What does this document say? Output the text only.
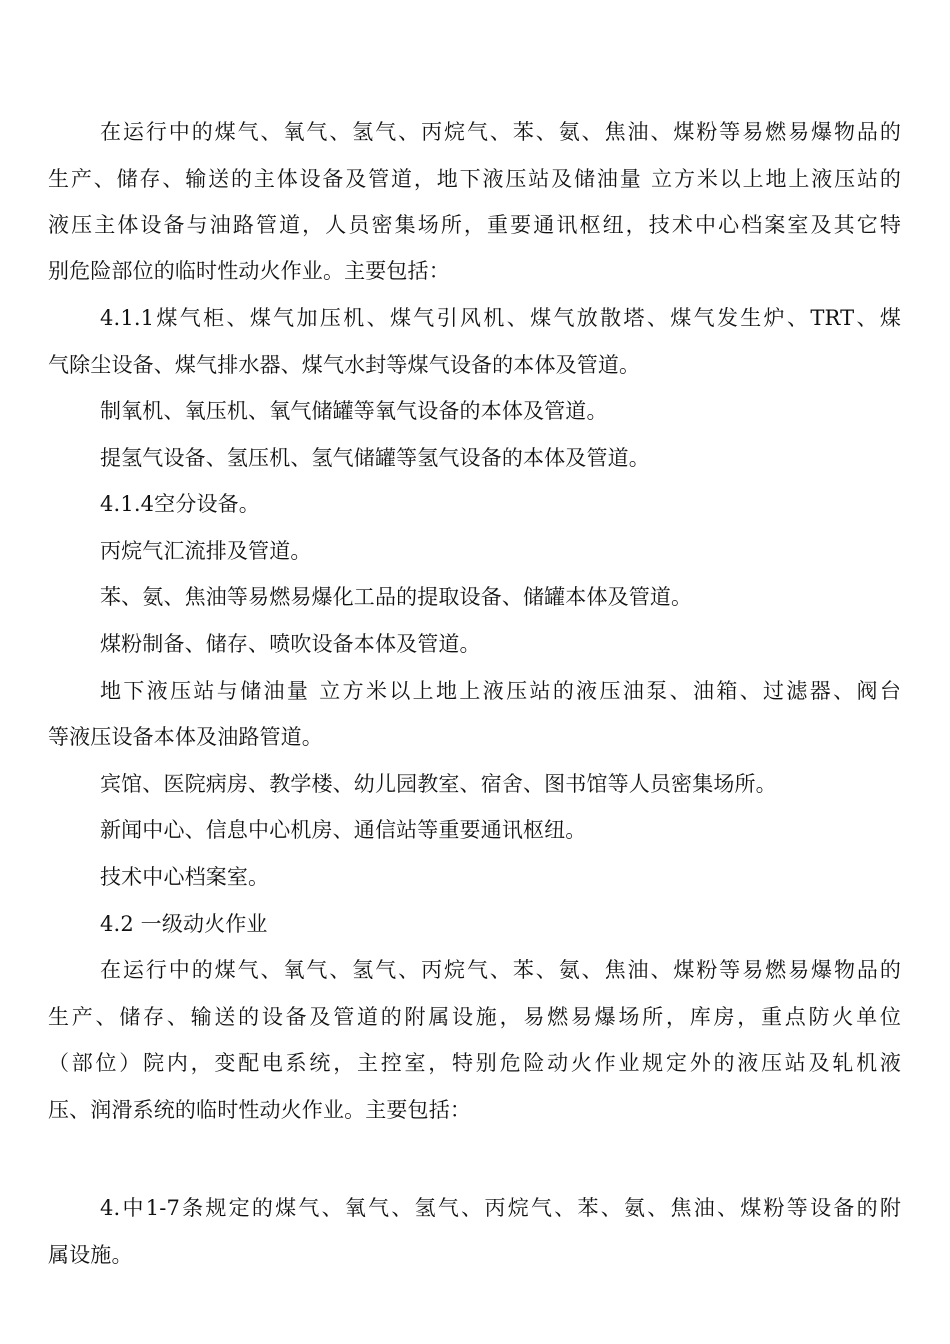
在运行中的煤气、氧气、氢气、丙烷气、苯、氨、焦油、煤粉等易燃易爆物品的
生产、储存、输送的主体设备及管道，地下液压站及储油量 立方米以上地上液压站的
液压主体设备与油路管道，人员密集场所，重要通讯枢纽，技术中心档案室及其它特
别危险部位的临时性动火作业。主要包括：
4.1.1煤气柜、煤气加压机、煤气引风机、煤气放散塔、煤气发生炉、TRT、煤
气除尘设备、煤气排水器、煤气水封等煤气设备的本体及管道。
制氧机、氧压机、氧气储罐等氧气设备的本体及管道。
提氢气设备、氢压机、氢气储罐等氢气设备的本体及管道。
4.1.4空分设备。
丙烷气汇流排及管道。
苯、氨、焦油等易燃易爆化工品的提取设备、储罐本体及管道。
煤粉制备、储存、喷吹设备本体及管道。
地下液压站与储油量 立方米以上地上液压站的液压油泵、油箱、过滤器、阀台
等液压设备本体及油路管道。
宾馆、医院病房、教学楼、幼儿园教室、宿舍、图书馆等人员密集场所。
新闻中心、信息中心机房、通信站等重要通讯枢纽。
技术中心档案室。
4.2 一级动火作业
在运行中的煤气、氧气、氢气、丙烷气、苯、氨、焦油、煤粉等易燃易爆物品的
生产、储存、输送的设备及管道的附属设施，易燃易爆场所，库房，重点防火单位
（部位）院内，变配电系统，主控室，特别危险动火作业规定外的液压站及轧机液
压、润滑系统的临时性动火作业。主要包括：
4.中1-7条规定的煤气、氧气、氢气、丙烷气、苯、氨、焦油、煤粉等设备的附
属设施。
